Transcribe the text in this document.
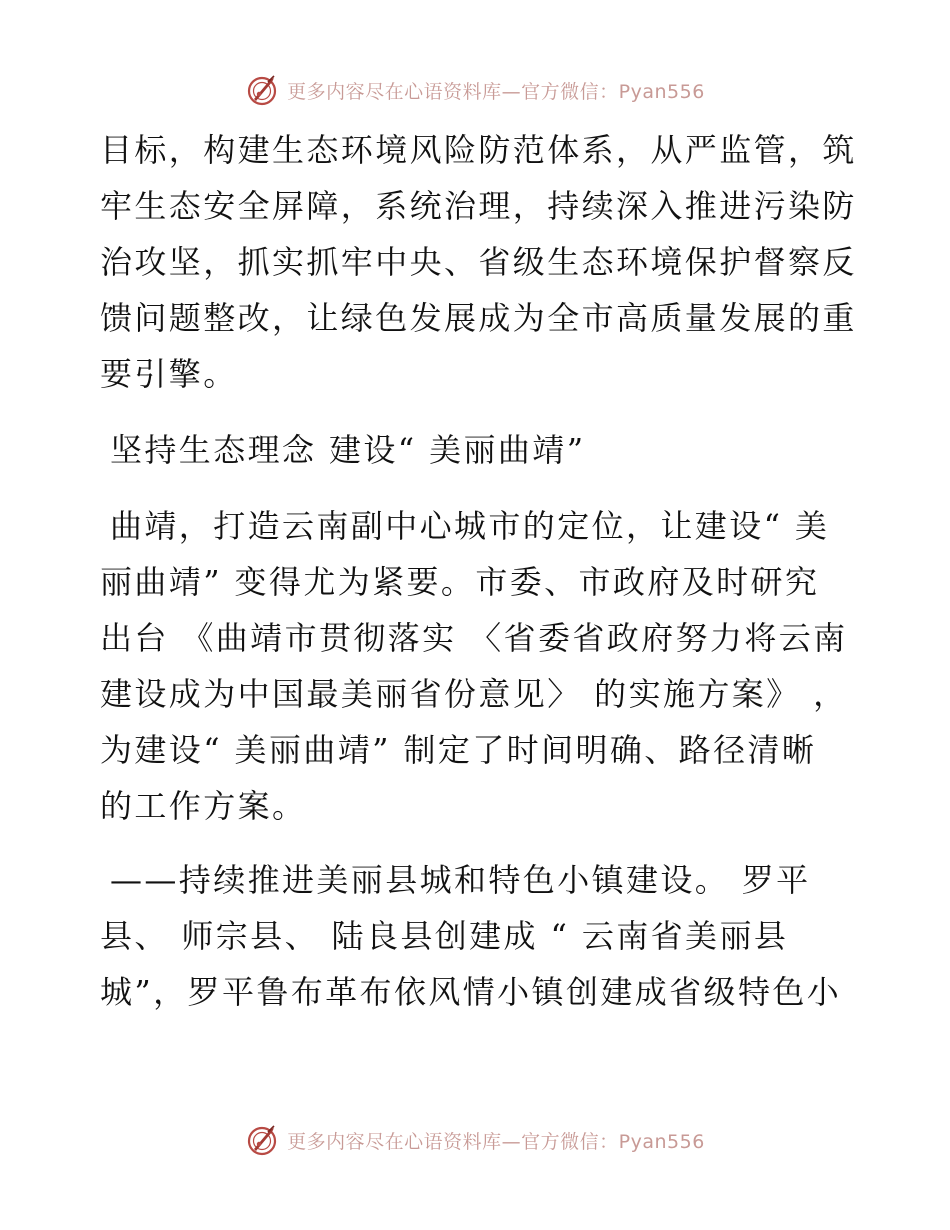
更多内容尽在心语资料库—官方微信：Pyan556

目标，构建生态环境风险防范体系，从严监管，筑
牢生态安全屏障，系统治理，持续深入推进污染防
治攻坚，抓实抓牢中央、省级生态环境保护督察反
馈问题整改，让绿色发展成为全市高质量发展的重
要引擎。

坚持生态理念 建设“ 美丽曲靖”

曲靖，打造云南副中心城市的定位，让建设“ 美
丽曲靖” 变得尤为紧要。市委、市政府及时研究
出台 《曲靖市贯彻落实 〈省委省政府努力将云南
建设成为中国最美丽省份意见〉 的实施方案》 ，
为建设“ 美丽曲靖” 制定了时间明确、路径清晰
的工作方案。

——持续推进美丽县城和特色小镇建设。 罗平
县、 师宗县、 陆良县创建成 “ 云南省美丽县
城”，罗平鲁布革布依风情小镇创建成省级特色小

更多内容尽在心语资料库—官方微信：Pyan556
